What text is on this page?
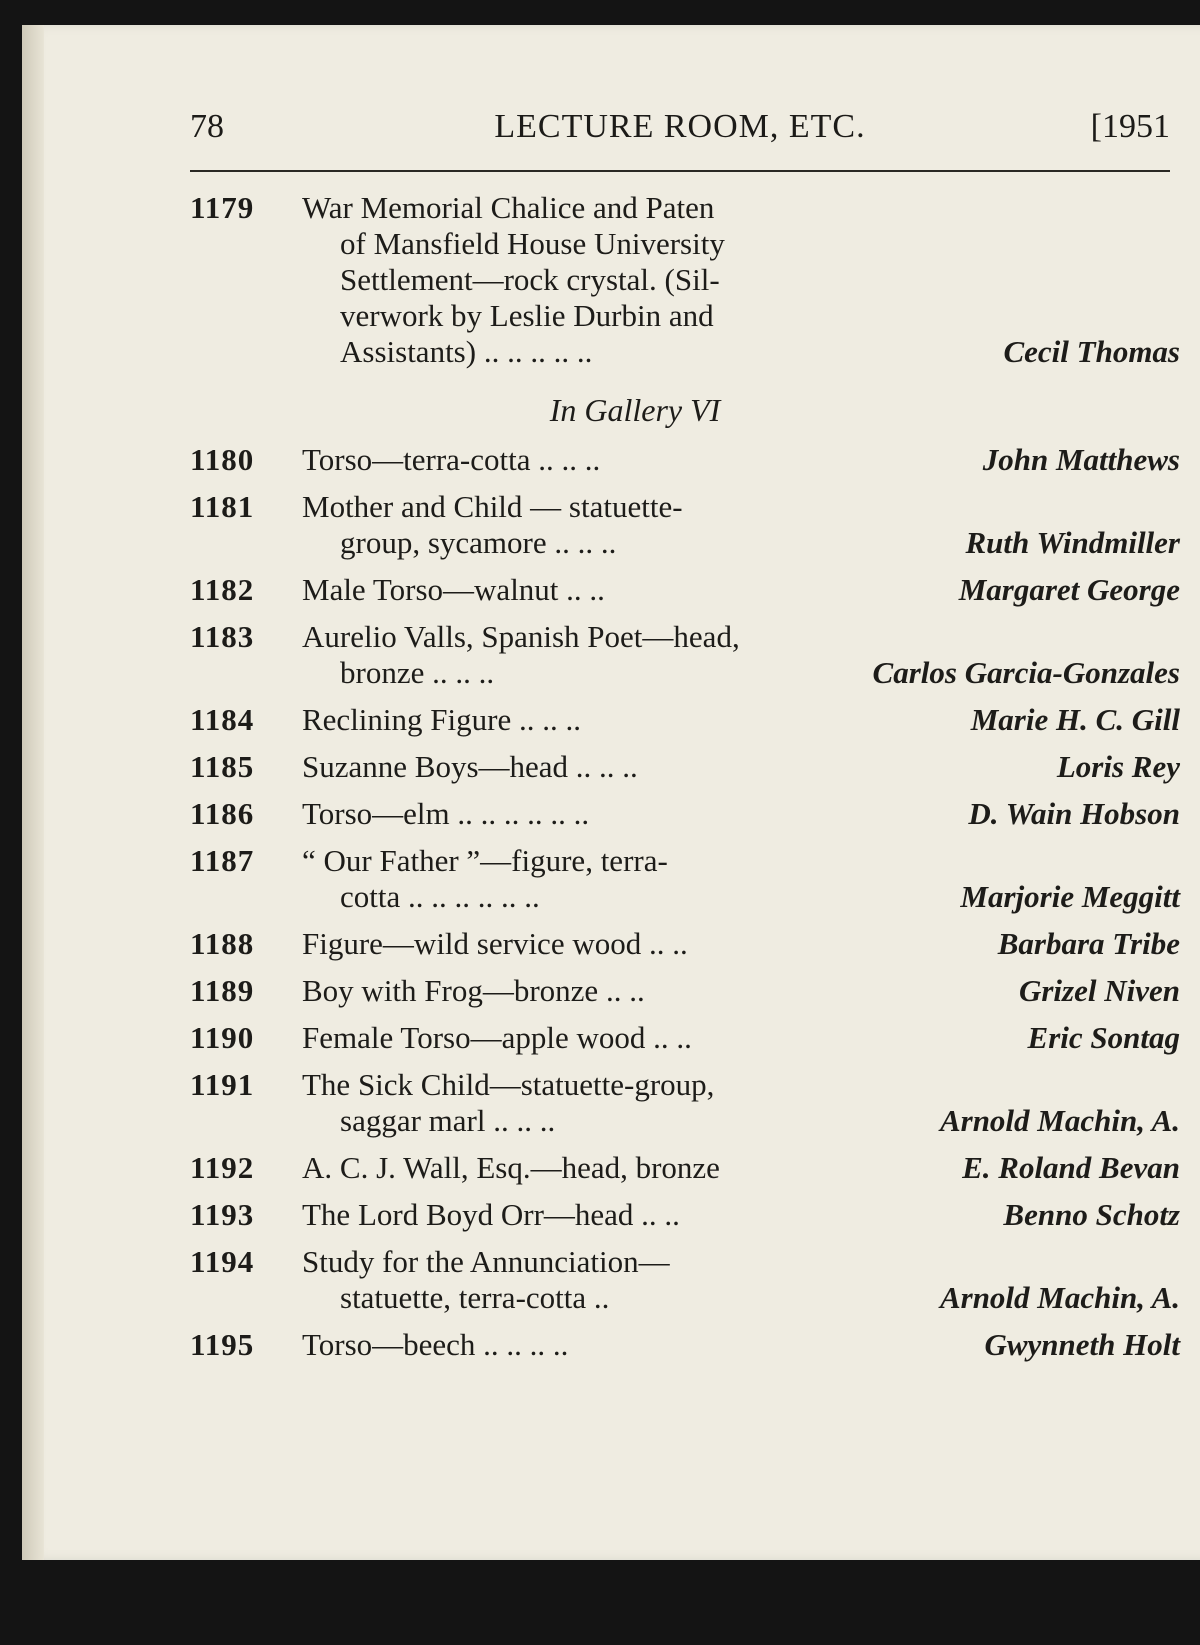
78	LECTURE ROOM, ETC.	[1951
1179	War Memorial Chalice and Paten
of Mansfield House University
Settlement—rock crystal. (Sil-
verwork by Leslie Durbin and
Assistants) .. .. .. .. ..	Cecil Thomas
In Gallery VI
1180	Torso—terra-cotta .. .. ..	John Matthews
1181	Mother and Child — statuette-
group, sycamore .. .. ..	Ruth Windmiller
1182	Male Torso—walnut .. ..	Margaret George
1183	Aurelio Valls, Spanish Poet—head,
bronze .. .. ..	Carlos Garcia-Gonzales
1184	Reclining Figure .. .. ..	Marie H. C. Gill
1185	Suzanne Boys—head .. .. ..	Loris Rey
1186	Torso—elm .. .. .. .. .. ..	D. Wain Hobson
1187	“ Our Father ”—figure, terra-
cotta .. .. .. .. .. ..	Marjorie Meggitt
1188	Figure—wild service wood .. ..	Barbara Tribe
1189	Boy with Frog—bronze .. ..	Grizel Niven
1190	Female Torso—apple wood .. ..	Eric Sontag
1191	The Sick Child—statuette-group,
saggar marl .. .. ..	Arnold Machin, A.
1192	A. C. J. Wall, Esq.—head, bronze	E. Roland Bevan
1193	The Lord Boyd Orr—head .. ..	Benno Schotz
1194	Study for the Annunciation—
statuette, terra-cotta ..	Arnold Machin, A.
1195	Torso—beech .. .. .. ..	Gwynneth Holt
